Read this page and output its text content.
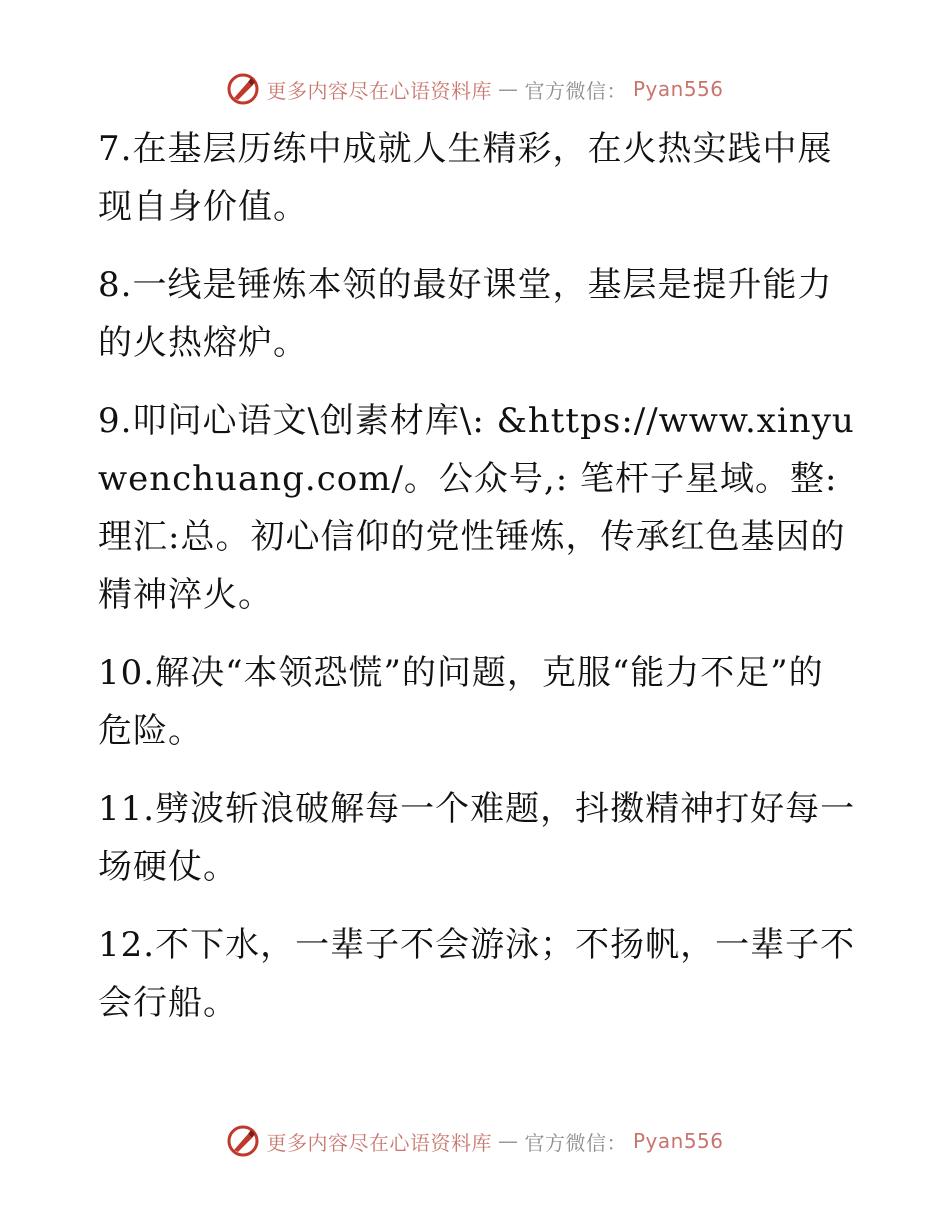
更多内容尽在心语资料库 — 官方微信： Pyan556

7.在基层历练中成就人生精彩，在火热实践中展现自身价值。

8.一线是锤炼本领的最好课堂，基层是提升能力的火热熔炉。

9.叩问心语文\创素材库\: &https://www.xinyuwenchuang.com/。公众号,: 笔杆子星域。整:理汇:总。初心信仰的党性锤炼，传承红色基因的精神淬火。

10.解决“本领恐慌”的问题，克服“能力不足”的危险。

11.劈波斩浪破解每一个难题，抖擞精神打好每一场硬仗。

12.不下水，一辈子不会游泳；不扬帆，一辈子不会行船。

更多内容尽在心语资料库 — 官方微信： Pyan556
